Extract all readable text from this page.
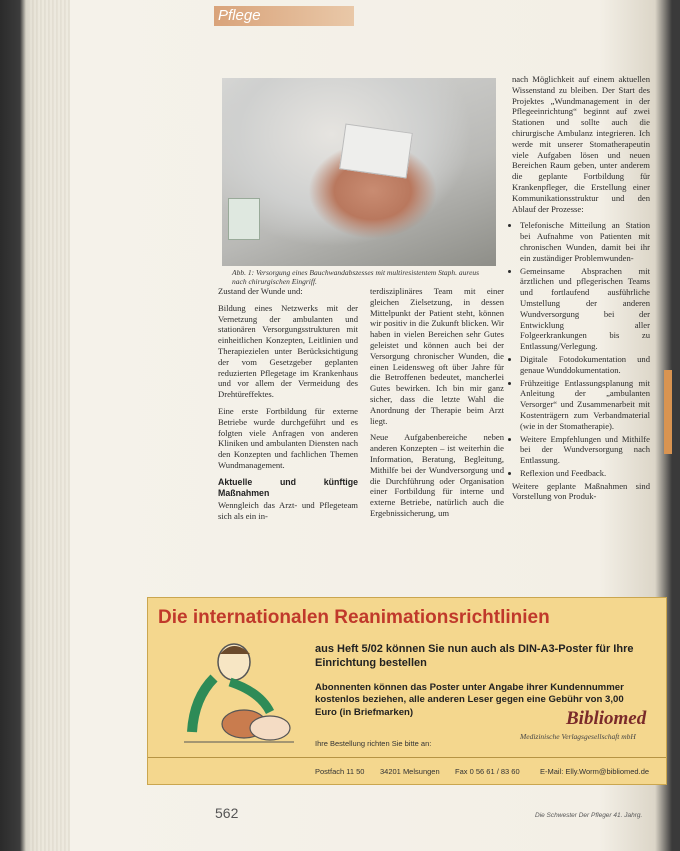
Pflege
Abb. 1: Versorgung eines Bauchwandabszesses mit multiresistentem Staph. aureus nach chirurgischen Eingriff.

Zustand der Wunde und:

Bildung eines Netzwerks mit der Vernetzung der ambulanten und stationären Versorgungsstrukturen mit einheitlichen Konzepten, Leitlinien und Therapiezielen unter Berücksichtigung der vom Gesetzgeber geplanten reduzierten Pflegetage im Krankenhaus und vor allem der Vermeidung des Drehtüreffektes.

Eine erste Fortbildung für externe Betriebe wurde durchgeführt und es folgten viele Anfragen von anderen Kliniken und ambulanten Diensten nach den Konzepten und fachlichen Themen Wundmanagement.

Aktuelle und künftige Maßnahmen

Wenngleich das Arzt- und Pflegeteam sich als ein in-

terdisziplinäres Team mit einer gleichen Zielsetzung, in dessen Mittelpunkt der Patient steht, können wir positiv in die Zukunft blicken. Wir haben in vielen Bereichen sehr Gutes geleistet und können auch bei der Versorgung chronischer Wunden, die einen Leidensweg oft über Jahre für die Betroffenen bedeutet, mancherlei Gutes bewirken. Ich bin mir ganz sicher, dass die letzte Wahl die Anordnung der Therapie beim Arzt liegt.

Neue Aufgabenbereiche neben anderen Konzepten – ist weiterhin die Information, Beratung, Begleitung, Mithilfe bei der Wundversorgung und die Durchführung oder Organisation einer Fortbildung für interne und externe Betriebe, natürlich auch die Ergebnissicherung, um

nach Möglichkeit auf einem aktuellen Wissenstand zu bleiben. Der Start des Projektes „Wundmanagement in der Pflegeeinrichtung“ beginnt auf zwei Stationen und sollte auch die chirurgische Ambulanz integrieren. Ich werde mit unserer Stomatherapeutin viele Aufgaben lösen und neuen Bereichen Raum geben, unter anderem die geplante Fortbildung für Krankenpfleger, die Erstellung einer Kommunikationsstruktur und den Ablauf der Prozesse:

• Telefonische Mitteilung an Station bei Aufnahme von Patienten mit chronischen Wunden, damit bei ihr ein zuständiger Problemwunden-
• Gemeinsame Absprachen mit ärztlichen und pflegerischen Teams und fortlaufend ausführliche Umstellung der anderen Wundversorgung bei der Entwicklung aller Folgeerkrankungen bis zu Entlassung/Verlegung.
• Digitale Fotodokumentation und genaue Wunddokumentation.
• Frühzeitige Entlassungsplanung mit Anleitung der „ambulanten Versorger“ und Zusammenarbeit mit Kostenträgern zum Verbandmaterial (wie in der Stomatherapie).
• Weitere Empfehlungen und Mithilfe bei der Wundversorgung nach Entlassung.
• Reflexion und Feedback.

Weitere geplante Maßnahmen sind Vorstellung von Produk-

Die internationalen Reanimationsrichtlinien
aus Heft 5/02 können Sie nun auch als DIN-A3-Poster für Ihre Einrichtung bestellen
Abonnenten können das Poster unter Angabe ihrer Kundennummer kostenlos beziehen, alle anderen Leser gegen eine Gebühr von 3,00 Euro (in Briefmarken)
Ihre Bestellung richten Sie bitte an:
Bibliomed
Medizinische Verlagsgesellschaft mbH
Postfach 11 50 34201 Melsungen Fax 0 56 61 / 83 60	E-Mail: Elly.Worm@bibliomed.de
562	Die Schwester Der Pfleger 41. Jahrg.
